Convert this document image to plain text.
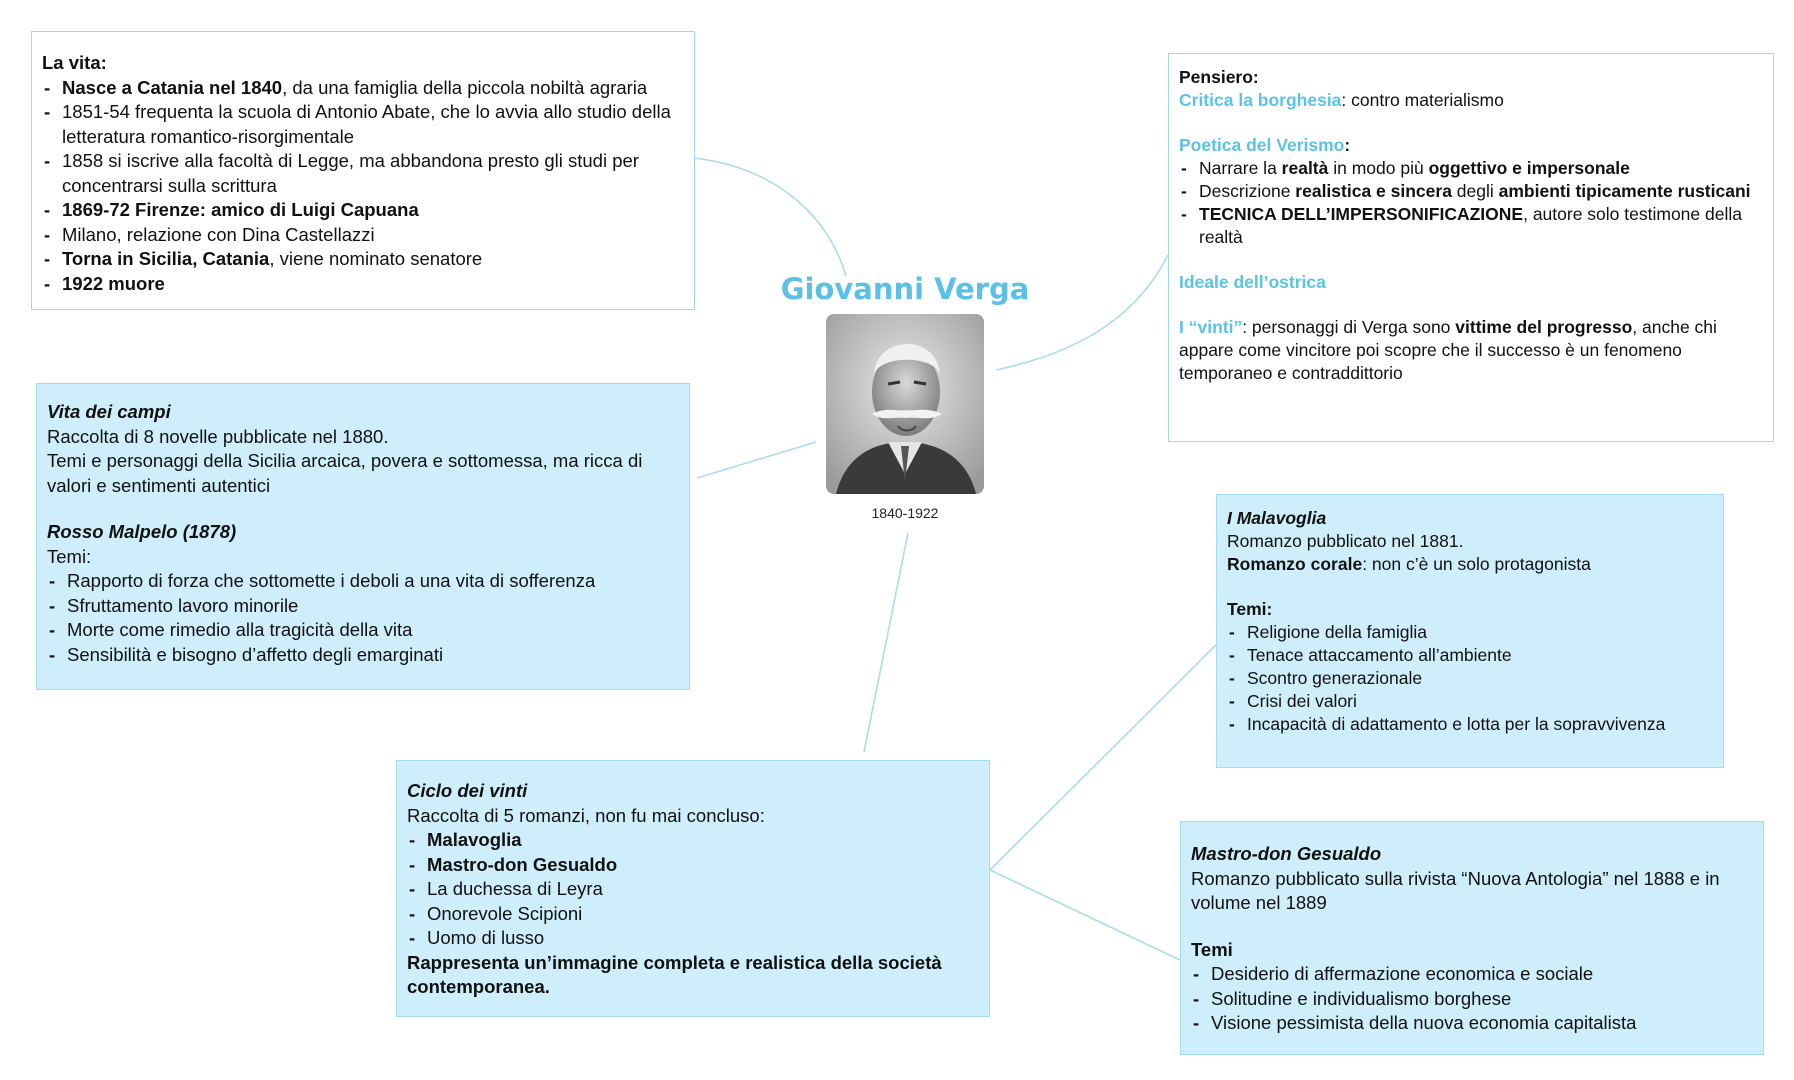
Giovanni Verga
1840-1922
La vita:
- Nasce a Catania nel 1840, da una famiglia della piccola nobiltà agraria
- 1851-54 frequenta la scuola di Antonio Abate, che lo avvia allo studio della letteratura romantico-risorgimentale
- 1858 si iscrive alla facoltà di Legge, ma abbandona presto gli studi per concentrarsi sulla scrittura
- 1869-72 Firenze: amico di Luigi Capuana
- Milano, relazione con Dina Castellazzi
- Torna in Sicilia, Catania, viene nominato senatore
- 1922 muore
Pensiero:
Critica la borghesia: contro materialismo
Poetica del Verismo:
- Narrare la realtà in modo più oggettivo e impersonale
- Descrizione realistica e sincera degli ambienti tipicamente rusticani
- TECNICA DELL’IMPERSONIFICAZIONE, autore solo testimone della realtà
Ideale dell’ostrica
I “vinti”: personaggi di Verga sono vittime del progresso, anche chi appare come vincitore poi scopre che il successo è un fenomeno temporaneo e contraddittorio
Vita dei campi
Raccolta di 8 novelle pubblicate nel 1880.
Temi e personaggi della Sicilia arcaica, povera e sottomessa, ma ricca di valori e sentimenti autentici
Rosso Malpelo (1878)
Temi:
- Rapporto di forza che sottomette i deboli a una vita di sofferenza
- Sfruttamento lavoro minorile
- Morte come rimedio alla tragicità della vita
- Sensibilità e bisogno d’affetto degli emarginati
I Malavoglia
Romanzo pubblicato nel 1881.
Romanzo corale: non c’è un solo protagonista
Temi:
- Religione della famiglia
- Tenace attaccamento all’ambiente
- Scontro generazionale
- Crisi dei valori
- Incapacità di adattamento e lotta per la sopravvivenza
Ciclo dei vinti
Raccolta di 5 romanzi, non fu mai concluso:
- Malavoglia
- Mastro-don Gesualdo
- La duchessa di Leyra
- Onorevole Scipioni
- Uomo di lusso
Rappresenta un’immagine completa e realistica della società contemporanea.
Mastro-don Gesualdo
Romanzo pubblicato sulla rivista “Nuova Antologia” nel 1888 e in volume nel 1889
Temi
- Desiderio di affermazione economica e sociale
- Solitudine e individualismo borghese
- Visione pessimista della nuova economia capitalista
